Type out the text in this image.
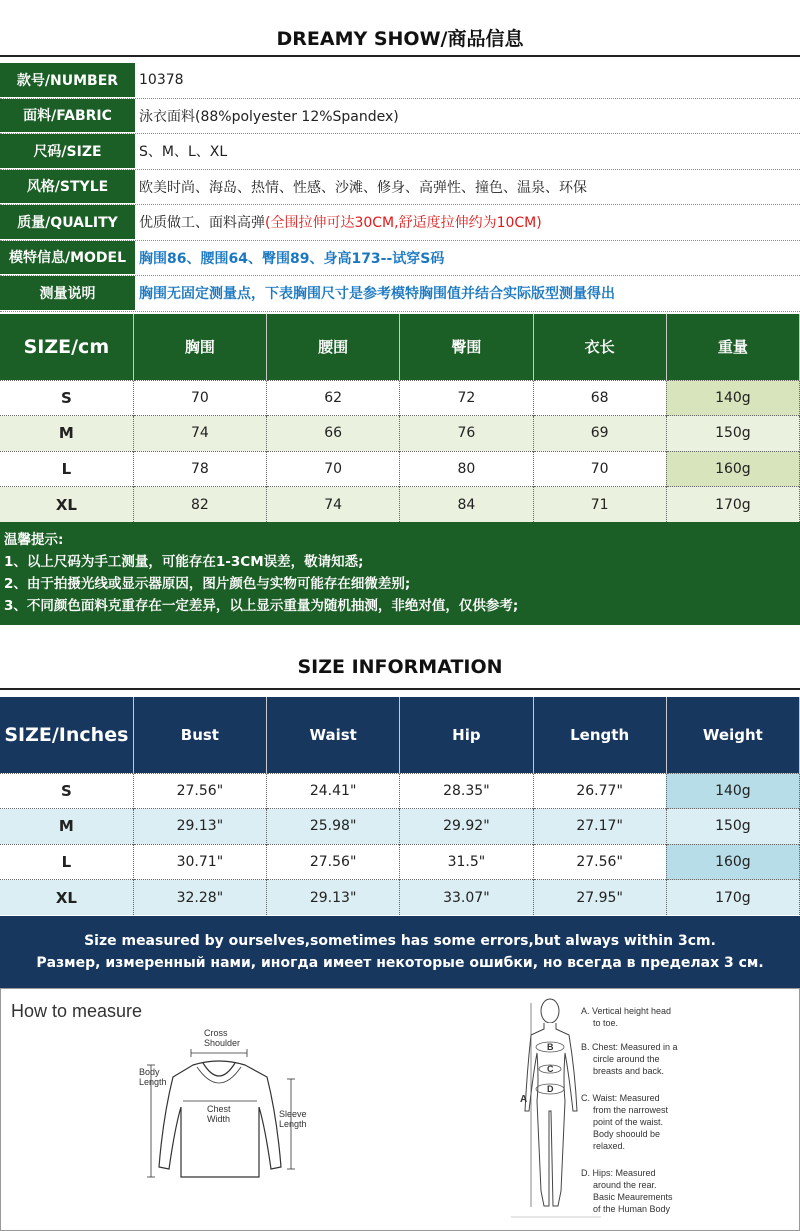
DREAMY SHOW/商品信息
款号/NUMBER	10378
面料/FABRIC	泳衣面料(88%polyester 12%Spandex)
尺码/SIZE	S、M、L、XL
风格/STYLE	欧美时尚、海岛、热情、性感、沙滩、修身、高弹性、撞色、温泉、环保
质量/QUALITY	优质做工、面料高弹 (全围拉伸可达30CM,舒适度拉伸约为10CM)
模特信息/MODEL 胸围86、腰围64、臀围89、身高173--试穿S码
测量说明	胸围无固定测量点，下表胸围尺寸是参考模特胸围值并结合实际版型测量得出
SIZE/cm	胸围	腰围	臀围	衣长	重量
S	70	62	72	68	140g
M	74	66	76	69	150g
L	78	70	80	70	160g
XL	82	74	84	71	170g
温馨提示:
1、以上尺码为手工测量，可能存在1-3CM误差，敬请知悉;
2、由于拍摄光线或显示器原因，图片颜色与实物可能存在细微差别;
3、不同颜色面料克重存在一定差异，以上显示重量为随机抽测，非绝对值，仅供参考;
SIZE INFORMATION
SIZE/Inches	Bust	Waist	Hip	Length	Weight
S	27.56"	24.41"	28.35"	26.77"	140g
M	29.13"	25.98"	29.92"	27.17"	150g
L	30.71"	27.56"	31.5"	27.56"	160g
XL	32.28"	29.13"	33.07"	27.95"	170g
Size measured by ourselves,sometimes has some errors,but always within 3cm.
Размер, измеренный нами, иногда имеет некоторые ошибки, но всегда в пределах 3 см.
How to measure
Cross
Shoulder
Body
Length
Chest
Width	Sleeve
Length
A
B
C
D
A. Vertical height head
to toe.
B. Chest: Measured in a
circle around the
breasts and back.
C. Waist: Measured
from the narrowest
point of the waist.
Body shoould be
relaxed.
D. Hips: Measured
around the rear.
Basic Meaurements
of the Human Body
